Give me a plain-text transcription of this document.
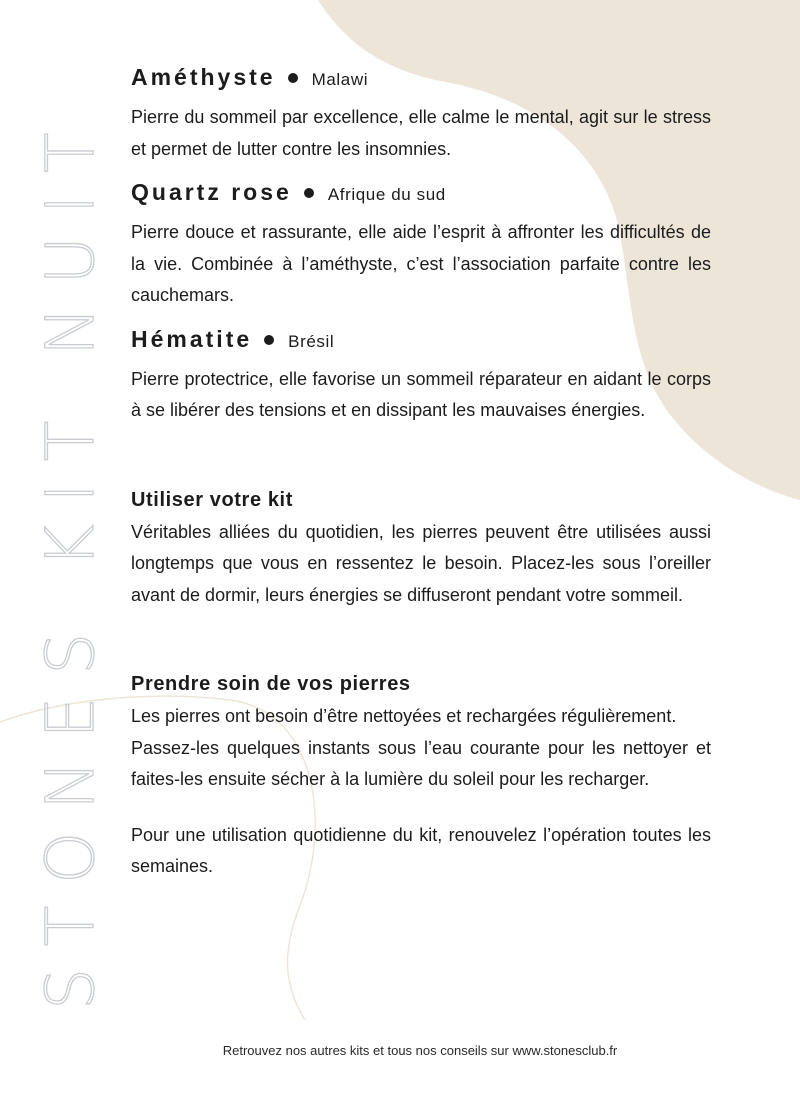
STONES KIT NUIT
Améthyste Malawi

Pierre du sommeil par excellence, elle calme le mental, agit sur le stress et permet de lutter contre les insomnies.

Quartz rose Afrique du sud

Pierre douce et rassurante, elle aide l’esprit à affronter les difficultés de la vie. Combinée à l’améthyste, c’est l’association parfaite contre les cauchemars.

Hématite Brésil

Pierre protectrice, elle favorise un sommeil réparateur en aidant le corps à se libérer des tensions et en dissipant les mauvaises énergies.

Utiliser votre kit

Véritables alliées du quotidien, les pierres peuvent être utilisées aussi longtemps que vous en ressentez le besoin. Placez-les sous l’oreiller avant de dormir, leurs énergies se diffuseront pendant votre sommeil.

Prendre soin de vos pierres

Les pierres ont besoin d’être nettoyées et rechargées régulièrement.

Passez-les quelques instants sous l’eau courante pour les nettoyer et faites-les ensuite sécher à la lumière du soleil pour les recharger.

Pour une utilisation quotidienne du kit, renouvelez l’opération toutes les semaines.

Retrouvez nos autres kits et tous nos conseils sur www.stonesclub.fr
